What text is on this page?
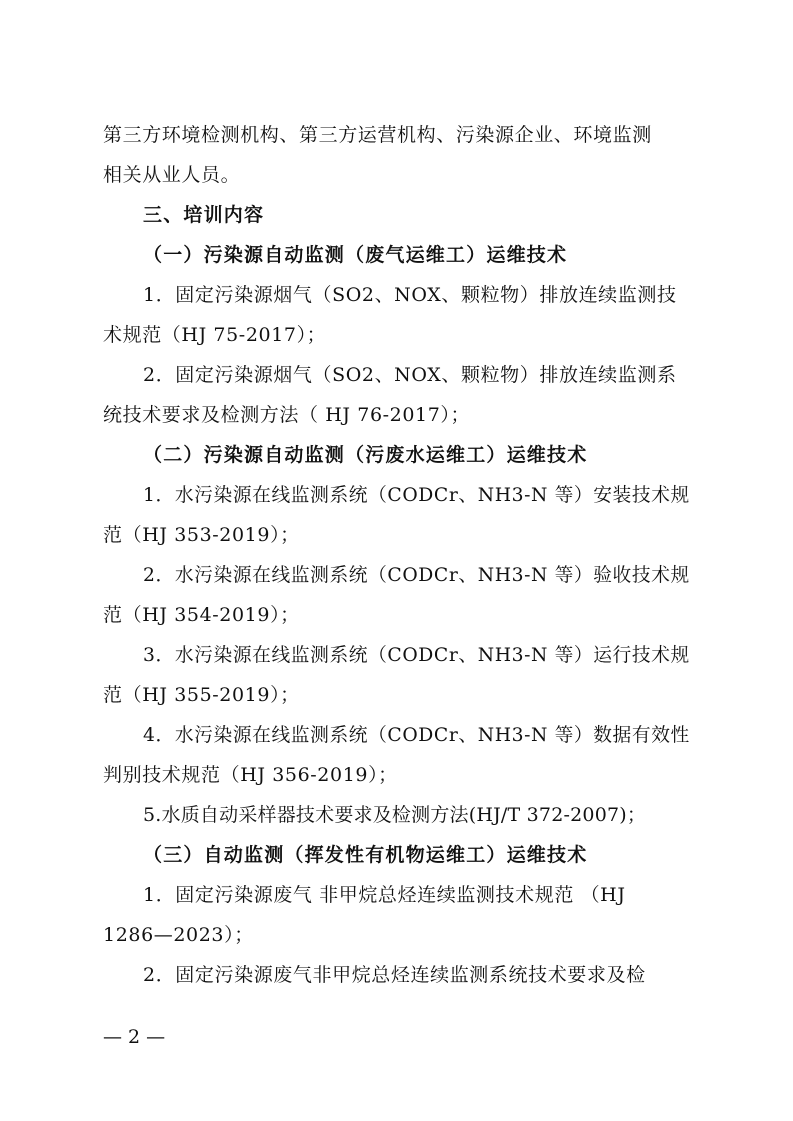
第三方环境检测机构、第三方运营机构、污染源企业、环境监测
相关从业人员。
三、培训内容
（一）污染源自动监测（废气运维工）运维技术
1．固定污染源烟气（SO2、NOX、颗粒物）排放连续监测技
术规范（HJ 75-2017）；
2．固定污染源烟气（SO2、NOX、颗粒物）排放连续监测系
统技术要求及检测方法（ HJ 76-2017）；
（二）污染源自动监测（污废水运维工）运维技术
1．水污染源在线监测系统（CODCr、NH3-N 等）安装技术规
范（HJ 353-2019）；
2．水污染源在线监测系统（CODCr、NH3-N 等）验收技术规
范（HJ 354-2019）；
3．水污染源在线监测系统（CODCr、NH3-N 等）运行技术规
范（HJ 355-2019）；
4．水污染源在线监测系统（CODCr、NH3-N 等）数据有效性
判别技术规范（HJ 356-2019）；
5.水质自动采样器技术要求及检测方法(HJ/T 372-2007)；
（三）自动监测（挥发性有机物运维工）运维技术
1．固定污染源废气 非甲烷总烃连续监测技术规范 （HJ
1286—2023）；
2．固定污染源废气非甲烷总烃连续监测系统技术要求及检
— 2 —
